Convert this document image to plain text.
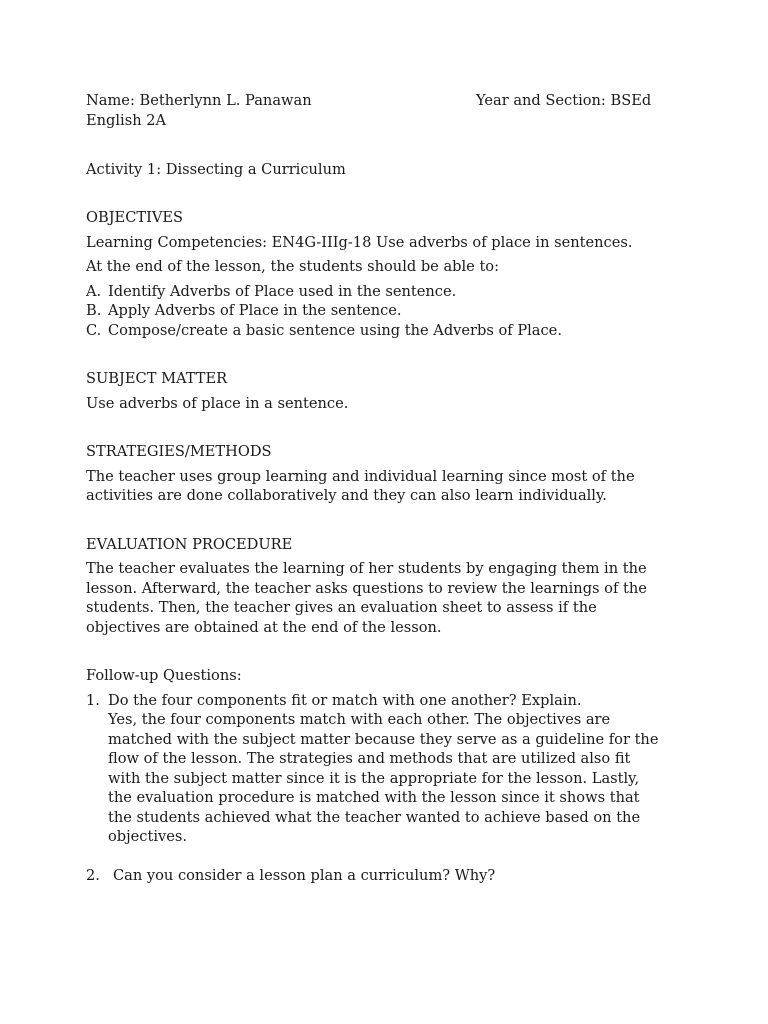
Name: Betherlynn L. Panawan	Year and Section: BSEd
English 2A
Activity 1: Dissecting a Curriculum
OBJECTIVES
Learning Competencies: EN4G-IIIg-18 Use adverbs of place in sentences.
At the end of the lesson, the students should be able to:
A. Identify Adverbs of Place used in the sentence.
B. Apply Adverbs of Place in the sentence.
C. Compose/create a basic sentence using the Adverbs of Place.
SUBJECT MATTER
Use adverbs of place in a sentence.
STRATEGIES/METHODS
The teacher uses group learning and individual learning since most of the
activities are done collaboratively and they can also learn individually.
EVALUATION PROCEDURE
The teacher evaluates the learning of her students by engaging them in the
lesson. Afterward, the teacher asks questions to review the learnings of the
students. Then, the teacher gives an evaluation sheet to assess if the
objectives are obtained at the end of the lesson.
Follow-up Questions:
1. Do the four components fit or match with one another? Explain.
Yes, the four components match with each other. The objectives are
matched with the subject matter because they serve as a guideline for the
flow of the lesson. The strategies and methods that are utilized also fit
with the subject matter since it is the appropriate for the lesson. Lastly,
the evaluation procedure is matched with the lesson since it shows that
the students achieved what the teacher wanted to achieve based on the
objectives.
2. Can you consider a lesson plan a curriculum? Why?
